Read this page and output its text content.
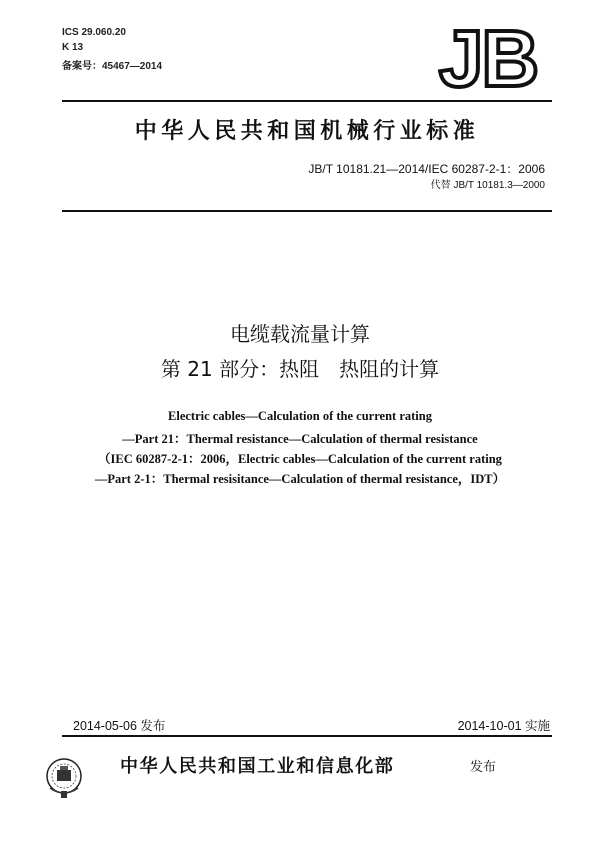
ICS 29.060.20
K 13
备案号：45467—2014	JB
中华人民共和国机械行业标准
JB/T 10181.21—2014/IEC 60287-2-1：2006
代替 JB/T 10181.3—2000
电缆载流量计算
第 21 部分：热阻　热阻的计算
Electric cables—Calculation of the current rating
—Part 21：Thermal resistance—Calculation of thermal resistance
（IEC 60287-2-1：2006，Electric cables—Calculation of the current rating
—Part 2-1：Thermal resisitance—Calculation of thermal resistance，IDT）
2014-05-06 发布	2014-10-01 实施
中华人民共和国工业和信息化部	发布
